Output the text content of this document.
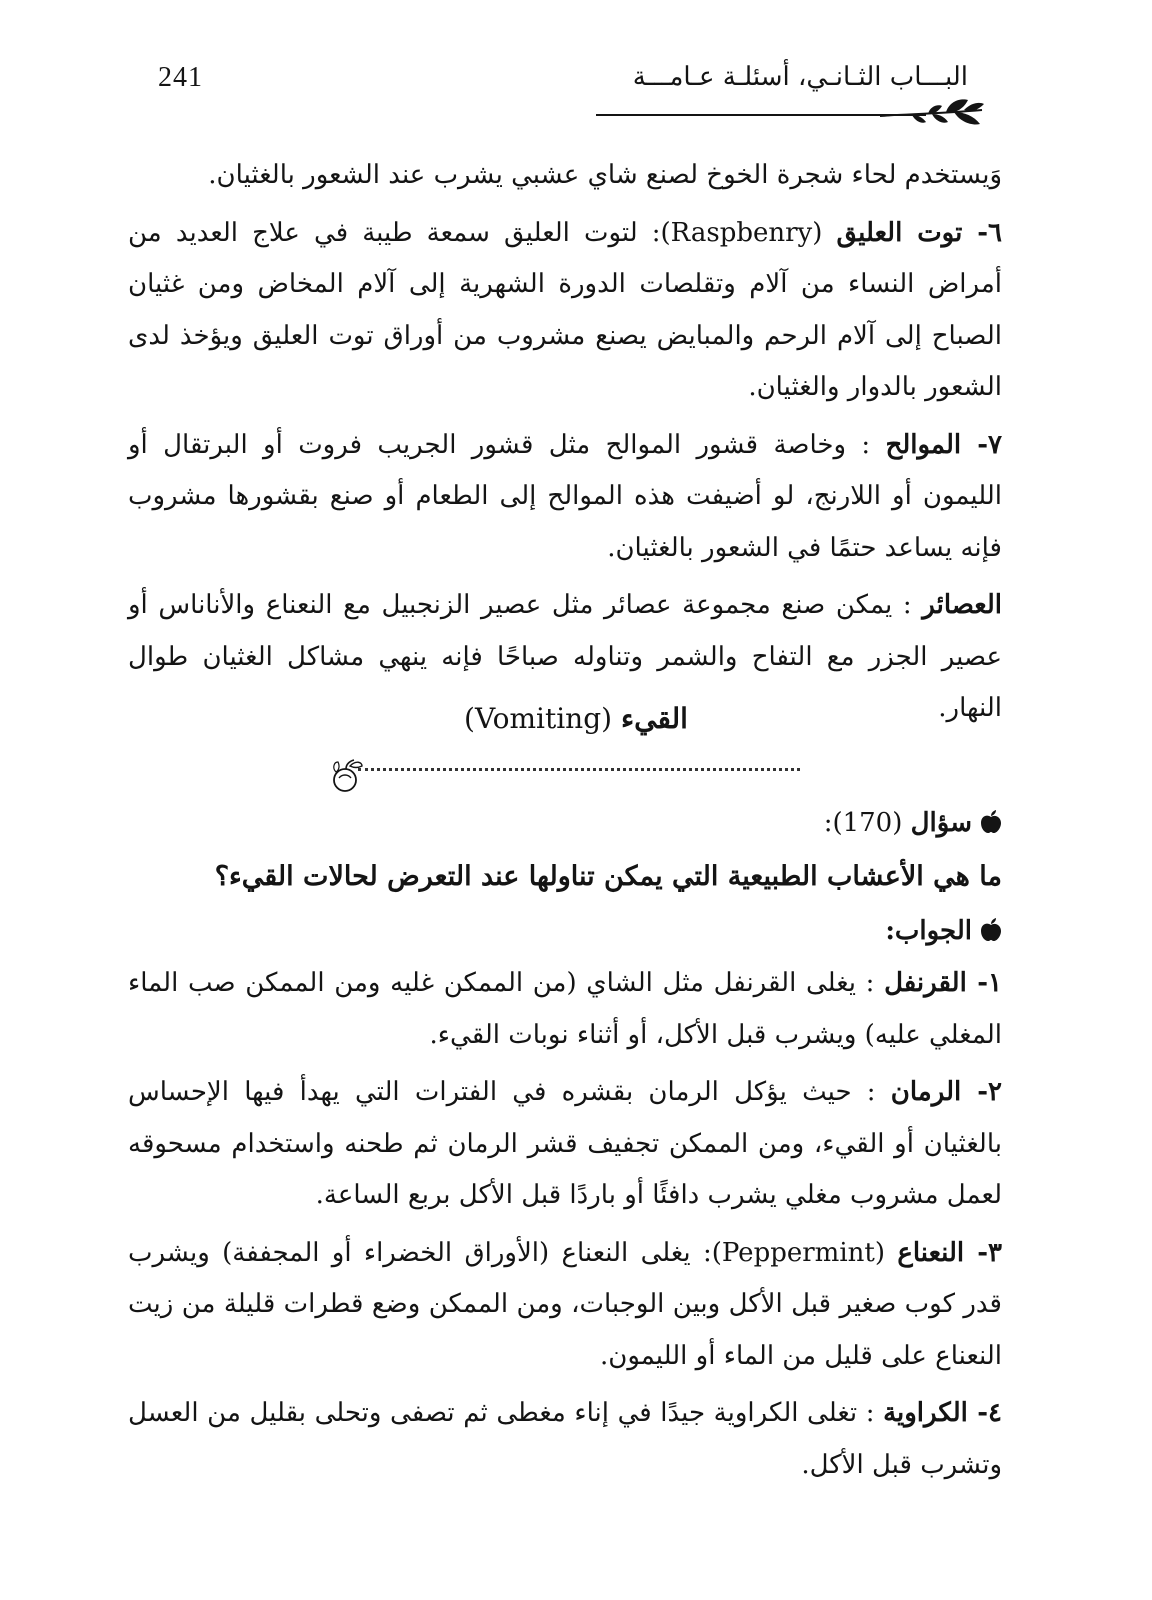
241	البـــاب الثـانـي، أسئلـة عـامـــة

وَيستخدم لحاء شجرة الخوخ لصنع شاي عشبي يشرب عند الشعور بالغثيان.

٦- توت العليق (Raspbenry): لتوت العليق سمعة طيبة في علاج العديد من أمراض النساء من آلام وتقلصات الدورة الشهرية إلى آلام المخاض ومن غثيان الصباح إلى آلام الرحم والمبايض يصنع مشروب من أوراق توت العليق ويؤخذ لدى الشعور بالدوار والغثيان.

٧- الموالح : وخاصة قشور الموالح مثل قشور الجريب فروت أو البرتقال أو الليمون أو اللارنج، لو أضيفت هذه الموالح إلى الطعام أو صنع بقشورها مشروب فإنه يساعد حتمًا في الشعور بالغثيان.

العصائر : يمكن صنع مجموعة عصائر مثل عصير الزنجبيل مع النعناع والأناناس أو عصير الجزر مع التفاح والشمر وتناوله صباحًا فإنه ينهي مشاكل الغثيان طوال النهار.

القيء (Vomiting)
سؤال (170):
ما هي الأعشاب الطبيعية التي يمكن تناولها عند التعرض لحالات القيء؟
الجواب:

١- القرنفل : يغلى القرنفل مثل الشاي (من الممكن غليه ومن الممكن صب الماء المغلي عليه) ويشرب قبل الأكل، أو أثناء نوبات القيء.

٢- الرمان : حيث يؤكل الرمان بقشره في الفترات التي يهدأ فيها الإحساس بالغثيان أو القيء، ومن الممكن تجفيف قشر الرمان ثم طحنه واستخدام مسحوقه لعمل مشروب مغلي يشرب دافئًا أو باردًا قبل الأكل بربع الساعة.

٣- النعناع (Peppermint): يغلى النعناع (الأوراق الخضراء أو المجففة) ويشرب قدر كوب صغير قبل الأكل وبين الوجبات، ومن الممكن وضع قطرات قليلة من زيت النعناع على قليل من الماء أو الليمون.

٤- الكراوية : تغلى الكراوية جيدًا في إناء مغطى ثم تصفى وتحلى بقليل من العسل وتشرب قبل الأكل.
